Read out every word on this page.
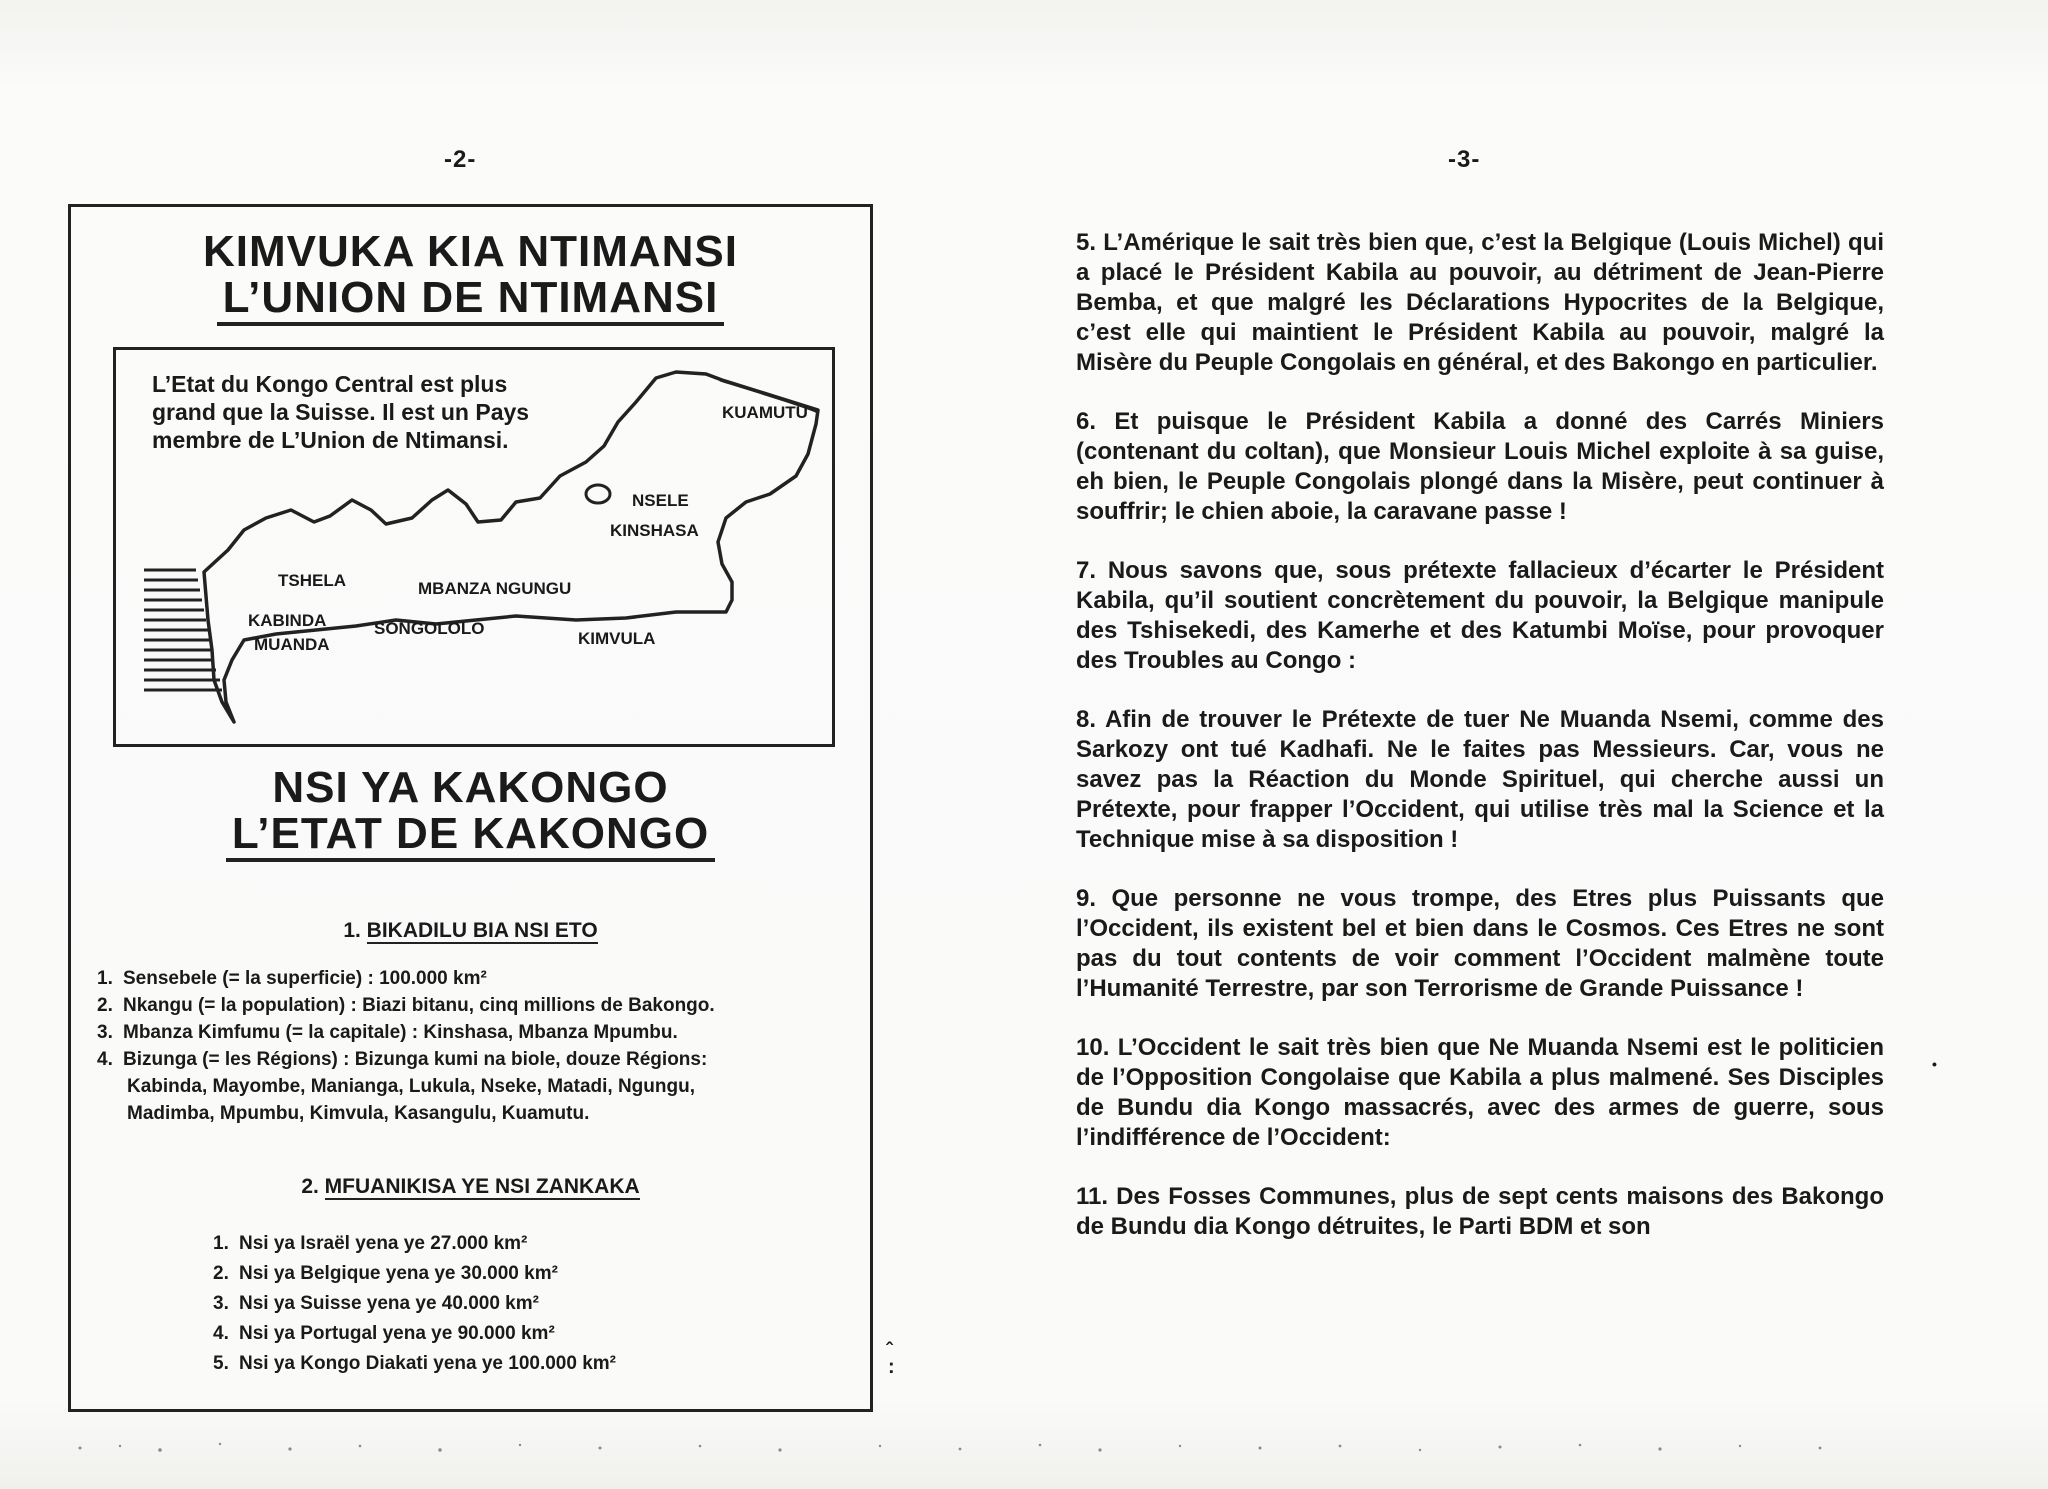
-2-	-3-
KIMVUKA KIA NTIMANSI
L’UNION DE NTIMANSI
KUAMUTU
NSELE
KINSHASA
TSHELA	MBANZA NGUNGU
KABINDA
MUANDA
SONGOLOLO
KIMVULA
L’Etat du Kongo Central est plus
grand que la Suisse. Il est un Pays
membre de L’Union de Ntimansi.
NSI YA KAKONGO
L’ETAT DE KAKONGO
1. BIKADILU BIA NSI ETO
1. Sensebele (= la superficie) : 100.000 km²
2. Nkangu (= la population) : Biazi bitanu, cinq millions de Bakongo.
3. Mbanza Kimfumu (= la capitale) : Kinshasa, Mbanza Mpumbu.
4. Bizunga (= les Régions) : Bizunga kumi na biole, douze Régions:
Kabinda, Mayombe, Manianga, Lukula, Nseke, Matadi, Ngungu,
Madimba, Mpumbu, Kimvula, Kasangulu, Kuamutu.
2. MFUANIKISA YE NSI ZANKAKA
1. Nsi ya Israël yena ye 27.000 km²
2. Nsi ya Belgique yena ye 30.000 km²
3. Nsi ya Suisse yena ye 40.000 km²
4. Nsi ya Portugal yena ye 90.000 km²
5. Nsi ya Kongo Diakati yena ye 100.000 km²

5. L’Amérique le sait très bien que, c’est la Belgique (Louis Michel) qui a placé le Président Kabila au pouvoir, au détriment de Jean-Pierre Bemba, et que malgré les Déclarations Hypocrites de la Belgique, c’est elle qui maintient le Président Kabila au pouvoir, malgré la Misère du Peuple Congolais en général, et des Bakongo en particulier.

6. Et puisque le Président Kabila a donné des Carrés Miniers (contenant du coltan), que Monsieur Louis Michel exploite à sa guise, eh bien, le Peuple Congolais plongé dans la Misère, peut continuer à souffrir; le chien aboie, la caravane passe !

7. Nous savons que, sous prétexte fallacieux d’écarter le Président Kabila, qu’il soutient concrètement du pouvoir, la Belgique manipule des Tshisekedi, des Kamerhe et des Katumbi Moïse, pour provoquer des Troubles au Congo :

8. Afin de trouver le Prétexte de tuer Ne Muanda Nsemi, comme des Sarkozy ont tué Kadhafi. Ne le faites pas Messieurs. Car, vous ne savez pas la Réaction du Monde Spirituel, qui cherche aussi un Prétexte, pour frapper l’Occident, qui utilise très mal la Science et la Technique mise à sa disposition !

9. Que personne ne vous trompe, des Etres plus Puissants que l’Occident, ils existent bel et bien dans le Cosmos. Ces Etres ne sont pas du tout contents de voir comment l’Occident malmène toute l’Humanité Terrestre, par son Terrorisme de Grande Puissance !

10. L’Occident le sait très bien que Ne Muanda Nsemi est le politicien de l’Opposition Congolaise que Kabila a plus malmené. Ses Disciples de Bundu dia Kongo massacrés, avec des armes de guerre, sous l’indifférence de l’Occident:

11. Des Fosses Communes, plus de sept cents maisons des Bakongo de Bundu dia Kongo détruites, le Parti BDM et son

ˆ
:
•
